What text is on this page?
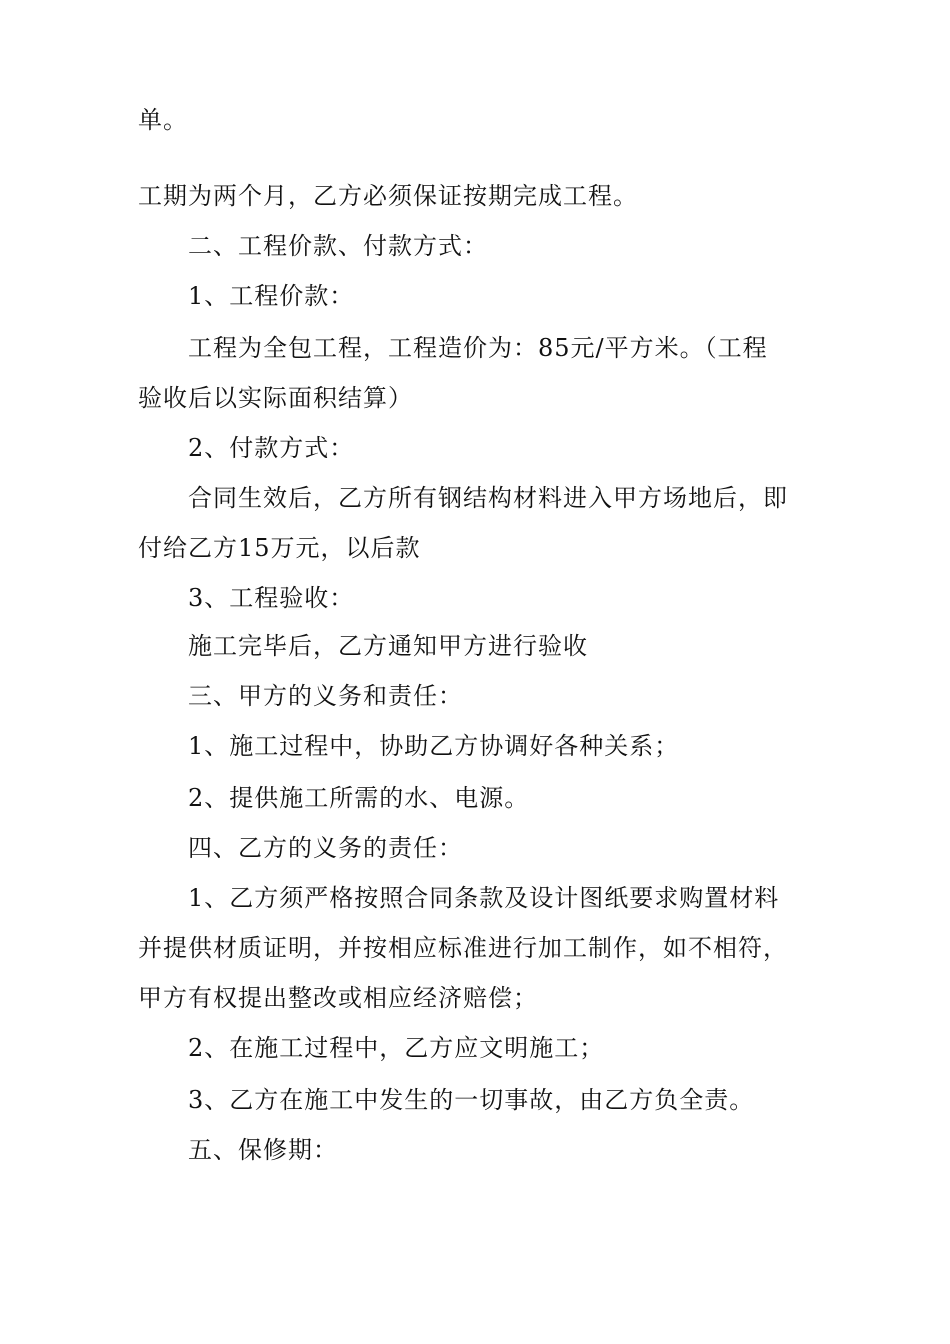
单。
工期为两个月，乙方必须保证按期完成工程。
二、工程价款、付款方式：
1、工程价款：
工程为全包工程，工程造价为：85元/平方米。（工程
验收后以实际面积结算）
2、付款方式：
合同生效后，乙方所有钢结构材料进入甲方场地后，即
付给乙方15万元，以后款
3、工程验收：
施工完毕后，乙方通知甲方进行验收
三、甲方的义务和责任：
1、施工过程中，协助乙方协调好各种关系；
2、提供施工所需的水、电源。
四、乙方的义务的责任：
1、乙方须严格按照合同条款及设计图纸要求购置材料
并提供材质证明，并按相应标准进行加工制作，如不相符，
甲方有权提出整改或相应经济赔偿；
2、在施工过程中，乙方应文明施工；
3、乙方在施工中发生的一切事故，由乙方负全责。
五、保修期：
